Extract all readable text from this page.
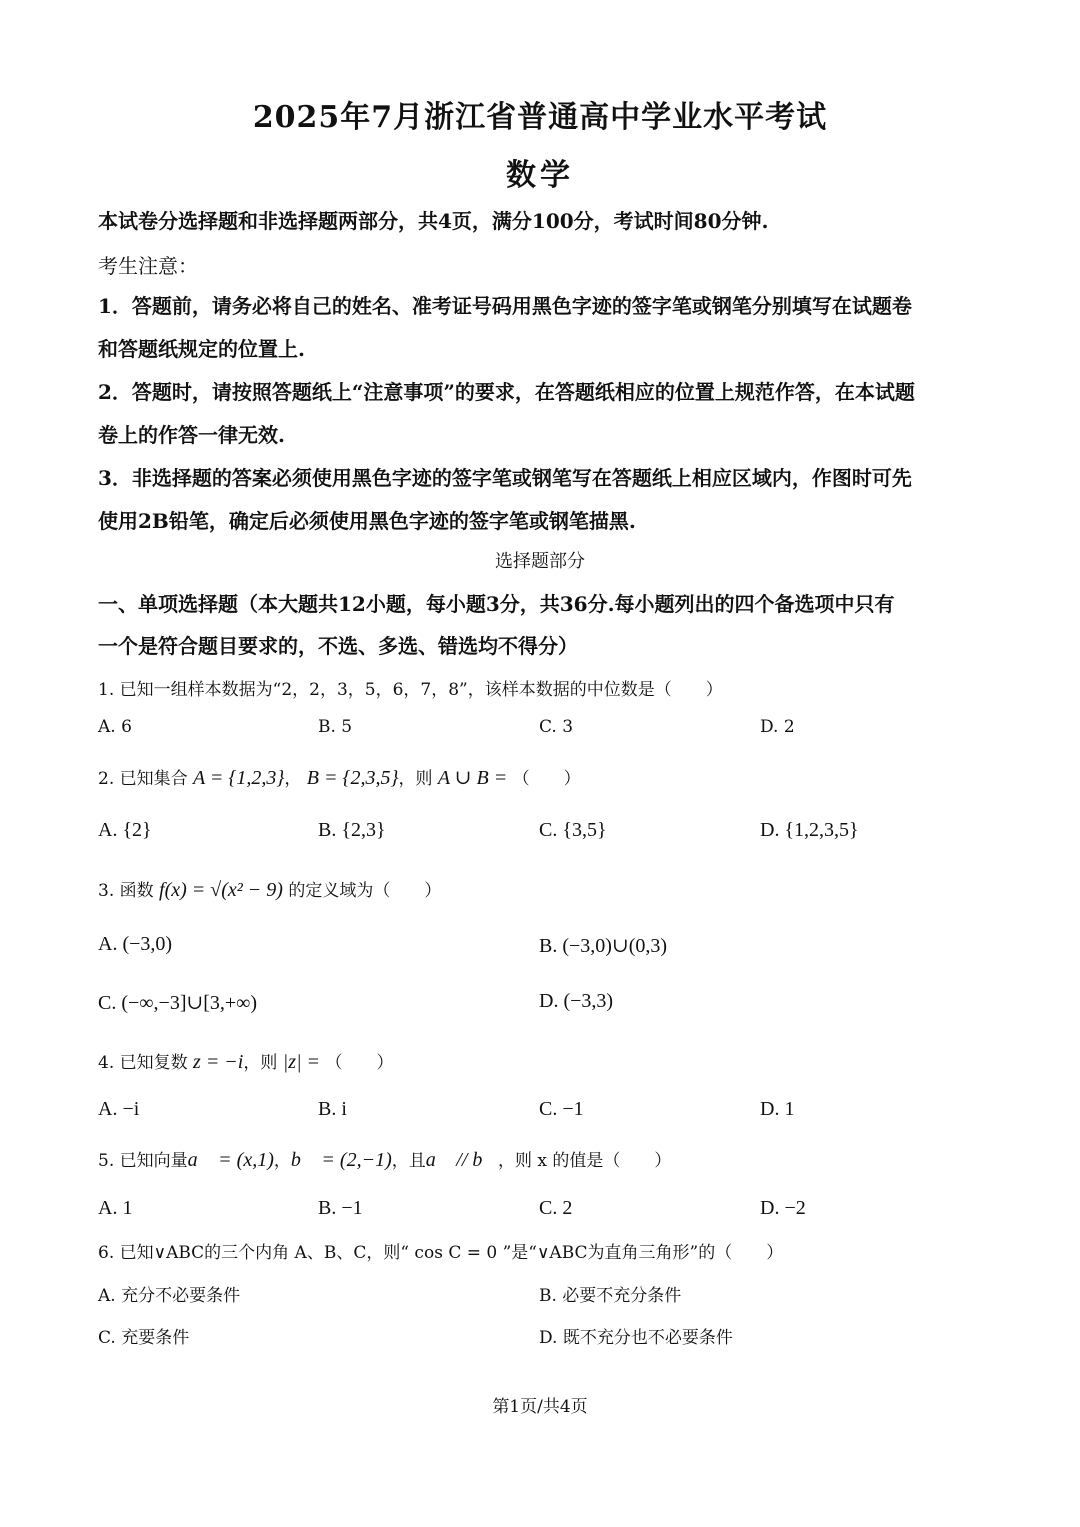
2025年7月浙江省普通高中学业水平考试
数学
本试卷分选择题和非选择题两部分，共4页，满分100分，考试时间80分钟.
考生注意：
1．答题前，请务必将自己的姓名、准考证号码用黑色字迹的签字笔或钢笔分别填写在试题卷
和答题纸规定的位置上.
2．答题时，请按照答题纸上“注意事项”的要求，在答题纸相应的位置上规范作答，在本试题
卷上的作答一律无效.
3．非选择题的答案必须使用黑色字迹的签字笔或钢笔写在答题纸上相应区域内，作图时可先
使用2B铅笔，确定后必须使用黑色字迹的签字笔或钢笔描黑.
选择题部分
一、单项选择题（本大题共12小题，每小题3分，共36分.每小题列出的四个备选项中只有
一个是符合题目要求的，不选、多选、错选均不得分）
1. 已知一组样本数据为“2，2，3，5，6，7，8”，该样本数据的中位数是（　　）
A. 6	B. 5	C. 3	D. 2
2. 已知集合 A = {1,2,3}， B = {2,3,5}，则 A ∪ B = （　　）
A. {2}	B. {2,3}	C. {3,5}	D. {1,2,3,5}
3. 函数 f(x) = √(x² − 9) 的定义域为（　　）
A. (−3,0)	B. (−3,0)∪(0,3)
C. (−∞,−3]∪[3,+∞)	D. (−3,3)
4. 已知复数 z = −i，则 |z| = （　　）
A. −i	B. i	C. −1	D. 1
5. 已知向量a⃗ = (x,1)，b⃗ = (2,−1)，且a⃗ // b⃗，则 x 的值是（　　）
A. 1	B. −1	C. 2	D. −2
6. 已知∨ABC的三个内角 A、B、C，则“ cos C = 0 ”是“∨ABC为直角三角形”的（　　）
A. 充分不必要条件	B. 必要不充分条件
C. 充要条件	D. 既不充分也不必要条件
第1页/共4页
